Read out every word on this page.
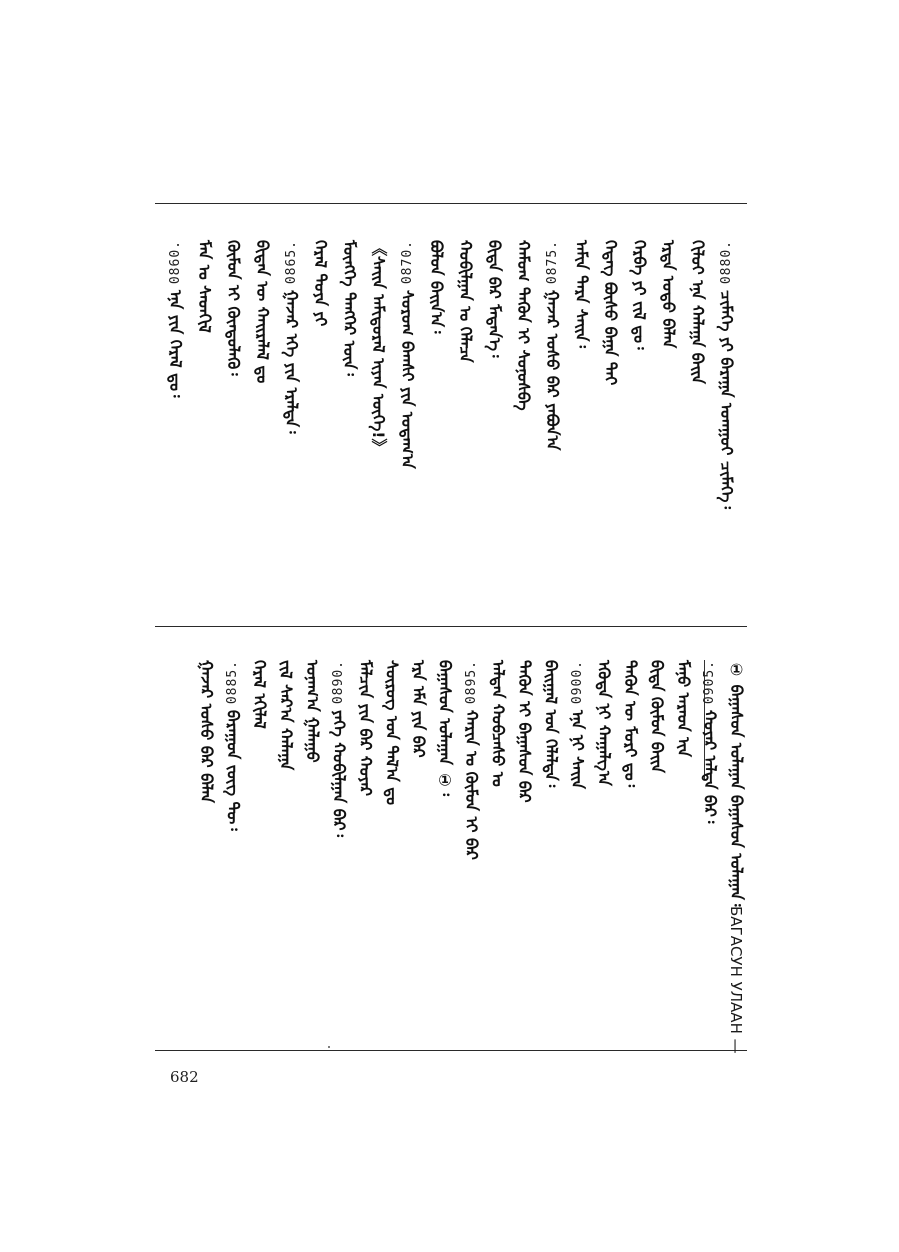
0880.
ᠴᠢᠮᠡᠭᠡ ᠶᠢ ᠪᠠᠷᠠᠭᠠ ᠤᠭᠭᠤᠶ ᠴᠢᠮᠡᠭᠡ᠄
ᠭᠢᠯᠤᠢ ᠡᠨᠡ ᠬᠠᠯᠠᠭᠠ ᠪᠠᠢᠨ
ᠡᠷᠲᠡ ᠣᠳᠣ ᠪᠡᠯᠡᠨ
ᠬᠡᠷᠪᠡ ᠶᠢ ᠵᠢᠯ ᠳᠤ᠄
ᠭᠡᠲᠡᠭ ᠪᠦᠰᠦ ᠪᠠᠭᠠ ᠲᠠᠶ
ᠠᠮᠢᠨ ᠲᠡᠷᠡ ᠰᠠᠢᠨ᠄
0875.
ᠭᠠᠵᠠᠷ ᠤᠰᠤ ᠪᠠᠷ ᠶᠠᠪᠤᠨ᠎ᠠ
ᠬᠠᠮᠤᠭ ᠲᠡᠭᠦᠨ ᠢ ᠰᠣᠨᠣᠰᠪᠠ
ᠪᠢᠳᠡ ᠪᠠᠷ ᠮᠡᠳᠡᠨ᠎ᠡ᠄
ᠬᠤᠪᠢᠯᠭᠠᠨ ᠤ ᠬᠡᠯᠡᠴᠡ
ᠪᠣᠯᠤᠨ ᠪᠠᠢᠨ᠎ᠠ᠄
0870.
ᠰᠤᠷᠤᠭ ᠪᠠᠭᠰᠢ ᠶᠢᠨ ᠤᠳᠠᠭ᠎ᠠ
《ᠰᠠᠢᠨ ᠠᠮᠢᠳᠤᠷᠠᠯ ᠢᠶᠠᠨ ᠦᠭᠡ!》
ᠮᠥᠩᠬᠡ ᠲᠡᠩᠭᠡᠷ ᠦᠨ᠄
ᠭᠡᠷᠡᠯ ᠲᠤᠶᠠ ᠶᠢ
0865.
ᠭᠠᠵᠠᠷ ᠡᠬᠡ ᠶᠢᠨ ᠡᠷᠡᠯᠲᠡ᠄
ᠪᠢᠳᠡᠨ ᠦ ᠬᠠᠢᠷᠠᠯᠠᠯ ᠳᠤ
ᠬᠦᠮᠦᠨ ᠢ ᠬᠦᠨᠳᠦᠯᠡᠬᠦ᠄
ᠮᠠᠨ ᠤ ᠰᠡᠳᠬᠢᠯ
0860.
ᠡᠨᠡ ᠶᠢᠨ ᠭᠡᠷᠡᠯ ᠳᠤ᠄
① ᠪᠠᠭᠠᠰᠤᠨ ᠤᠯᠠᠭᠠᠨ ᠪᠠᠭᠠᠰᠤᠨ ᠤᠯᠠᠭᠠᠨ᠄
БАГАСУН УЛААН —
0905.
ᠬᠣᠶᠠᠷ ᠠᠯᠲᠠ ᠪᠠᠷ᠄
ᠮᠠᠨᠤ ᠠᠷᠠᠳ ᠢᠨ
ᠪᠢᠳᠡ ᠬᠦᠮᠦᠨ ᠪᠠᠢᠨ
ᠲᠡᠭᠦᠨ ᠦ ᠮᠣᠷᠢ ᠳᠤ᠄
ᠡᠭᠦᠳᠡ ᠨᠢ ᠬᠠᠭᠠᠯᠭ᠎ᠠ
0900.
ᠡᠨᠡ ᠨᠢ ᠰᠠᠢᠨ
ᠪᠠᠢᠭᠠᠯ ᠤᠨ ᠬᠡᠯᠡᠯᠲᠡ᠄
ᠲᠡᠭᠦᠨ ᠢ ᠪᠠᠭᠠᠰᠤᠨ ᠪᠠᠷ
ᠠᠯᠲᠠᠨ ᠬᠤᠪᠴᠠᠰᠤ ᠣ
0895.
ᠬᠠᠷᠢᠨ ᠤ ᠬᠦᠮᠦᠨ ᠢ ᠪᠠᠷ
ᠪᠠᠭᠠᠰᠤᠨ ᠤᠯᠠᠭᠠᠨ ①᠄
ᠡᠷᠡ ᠡᠮᠡ ᠶᠢᠨ ᠪᠠᠷ
ᠰᠦᠷᠦᠭ ᠤᠨ ᠲᠠᠯ᠎ᠠ ᠳᠤ
ᠮᠠᠯᠴᠢᠨ ᠶᠢᠨ ᠪᠠᠷ ᠬᠣᠶᠠᠷ
0890.
ᠶᠡᠬᠡ ᠬᠤᠪᠢᠯᠭᠠᠨ ᠪᠠᠷ᠄
ᠤᠨᠠᠭ᠎ᠠ ᠭᠠᠯᠠᠭᠤ
ᠵᠢᠯ ᠰᠠᠷ᠎ᠠ ᠬᠠᠯᠠᠭᠠ
ᠭᠡᠷᠡᠯ ᠡᠬᠢᠯᠡᠯ
0885.
ᠪᠠᠷᠠᠭᠤᠨ ᠵᠦᠭ ᠲᠦ᠄
ᠭᠠᠵᠠᠷ ᠤᠰᠤ ᠪᠠᠷ ᠪᠡᠯᠡᠨ
682
